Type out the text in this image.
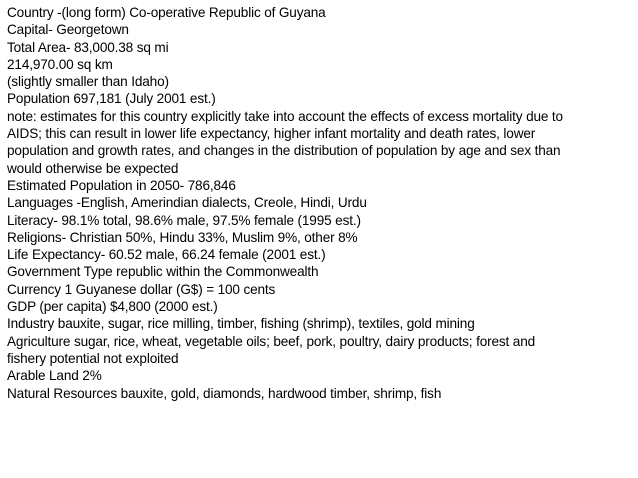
Country -(long form) Co-operative Republic of Guyana
Capital- Georgetown
Total Area- 83,000.38 sq mi
214,970.00 sq km
(slightly smaller than Idaho)
Population 697,181 (July 2001 est.)
note: estimates for this country explicitly take into account the effects of excess mortality due to
AIDS; this can result in lower life expectancy, higher infant mortality and death rates, lower
population and growth rates, and changes in the distribution of population by age and sex than
would otherwise be expected
Estimated Population in 2050- 786,846
Languages -English, Amerindian dialects, Creole, Hindi, Urdu
Literacy- 98.1% total, 98.6% male, 97.5% female (1995 est.)
Religions- Christian 50%, Hindu 33%, Muslim 9%, other 8%
Life Expectancy- 60.52 male, 66.24 female (2001 est.)
Government Type republic within the Commonwealth
Currency 1 Guyanese dollar (G$) = 100 cents
GDP (per capita) $4,800 (2000 est.)
Industry bauxite, sugar, rice milling, timber, fishing (shrimp), textiles, gold mining
Agriculture sugar, rice, wheat, vegetable oils; beef, pork, poultry, dairy products; forest and
fishery potential not exploited
Arable Land 2%
Natural Resources bauxite, gold, diamonds, hardwood timber, shrimp, fish
